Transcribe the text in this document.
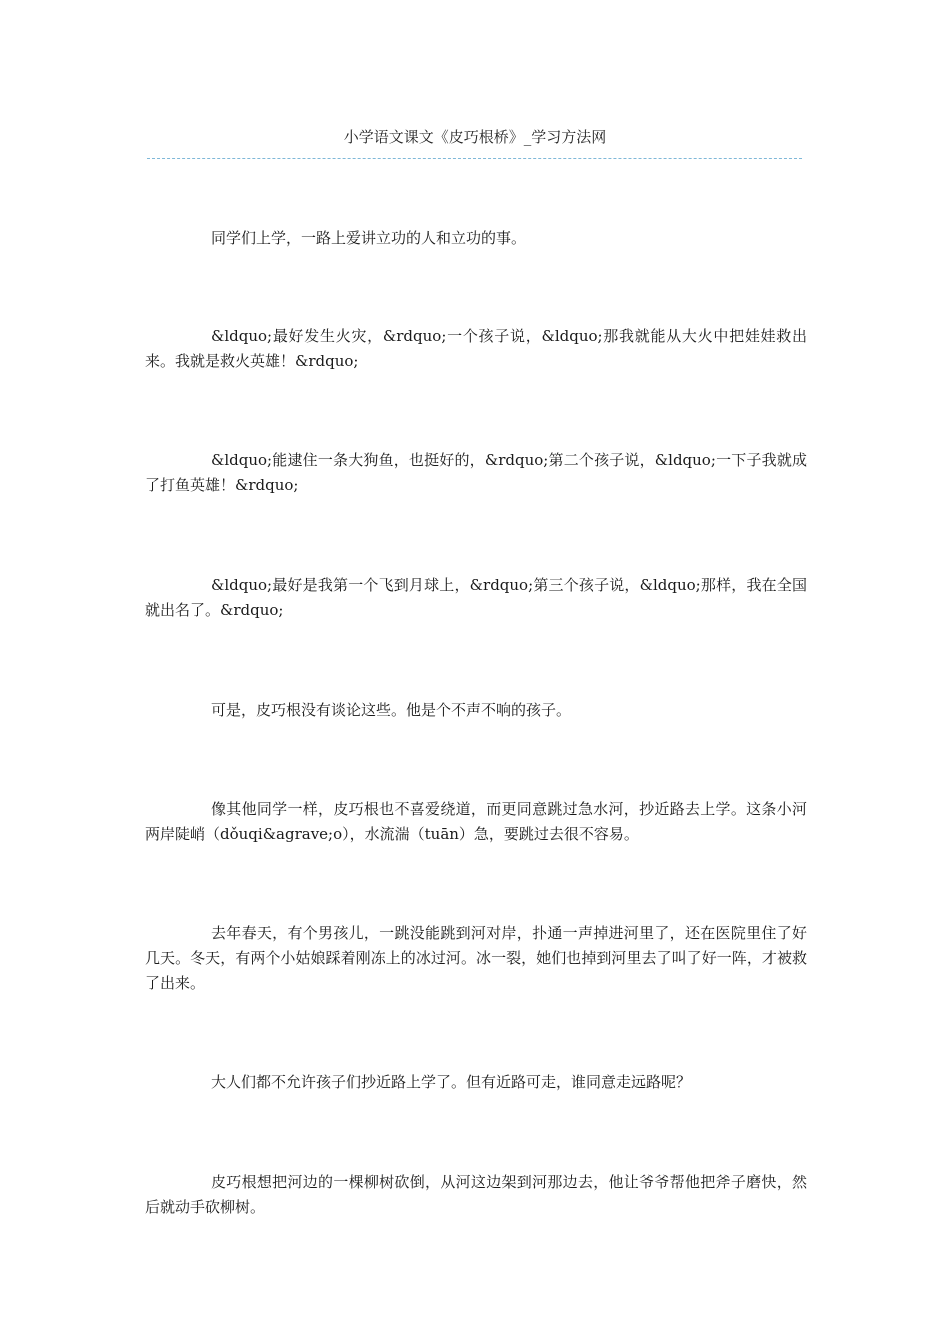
小学语文课文《皮巧根桥》_学习方法网

同学们上学，一路上爱讲立功的人和立功的事。

&ldquo;最好发生火灾，&rdquo;一个孩子说，&ldquo;那我就能从大火中把娃娃救出来。我就是救火英雄！&rdquo;

&ldquo;能逮住一条大狗鱼，也挺好的，&rdquo;第二个孩子说，&ldquo;一下子我就成了打鱼英雄！&rdquo;

&ldquo;最好是我第一个飞到月球上，&rdquo;第三个孩子说，&ldquo;那样，我在全国就出名了。&rdquo;

可是，皮巧根没有谈论这些。他是个不声不响的孩子。

像其他同学一样，皮巧根也不喜爱绕道，而更同意跳过急水河，抄近路去上学。这条小河两岸陡峭（dǒuqi&agrave;o），水流湍（tuān）急，要跳过去很不容易。

去年春天，有个男孩儿，一跳没能跳到河对岸，扑通一声掉进河里了，还在医院里住了好几天。冬天，有两个小姑娘踩着刚冻上的冰过河。冰一裂，她们也掉到河里去了叫了好一阵，才被救了出来。

大人们都不允许孩子们抄近路上学了。但有近路可走，谁同意走远路呢？

皮巧根想把河边的一棵柳树砍倒，从河这边架到河那边去，他让爷爷帮他把斧子磨快，然后就动手砍柳树。
